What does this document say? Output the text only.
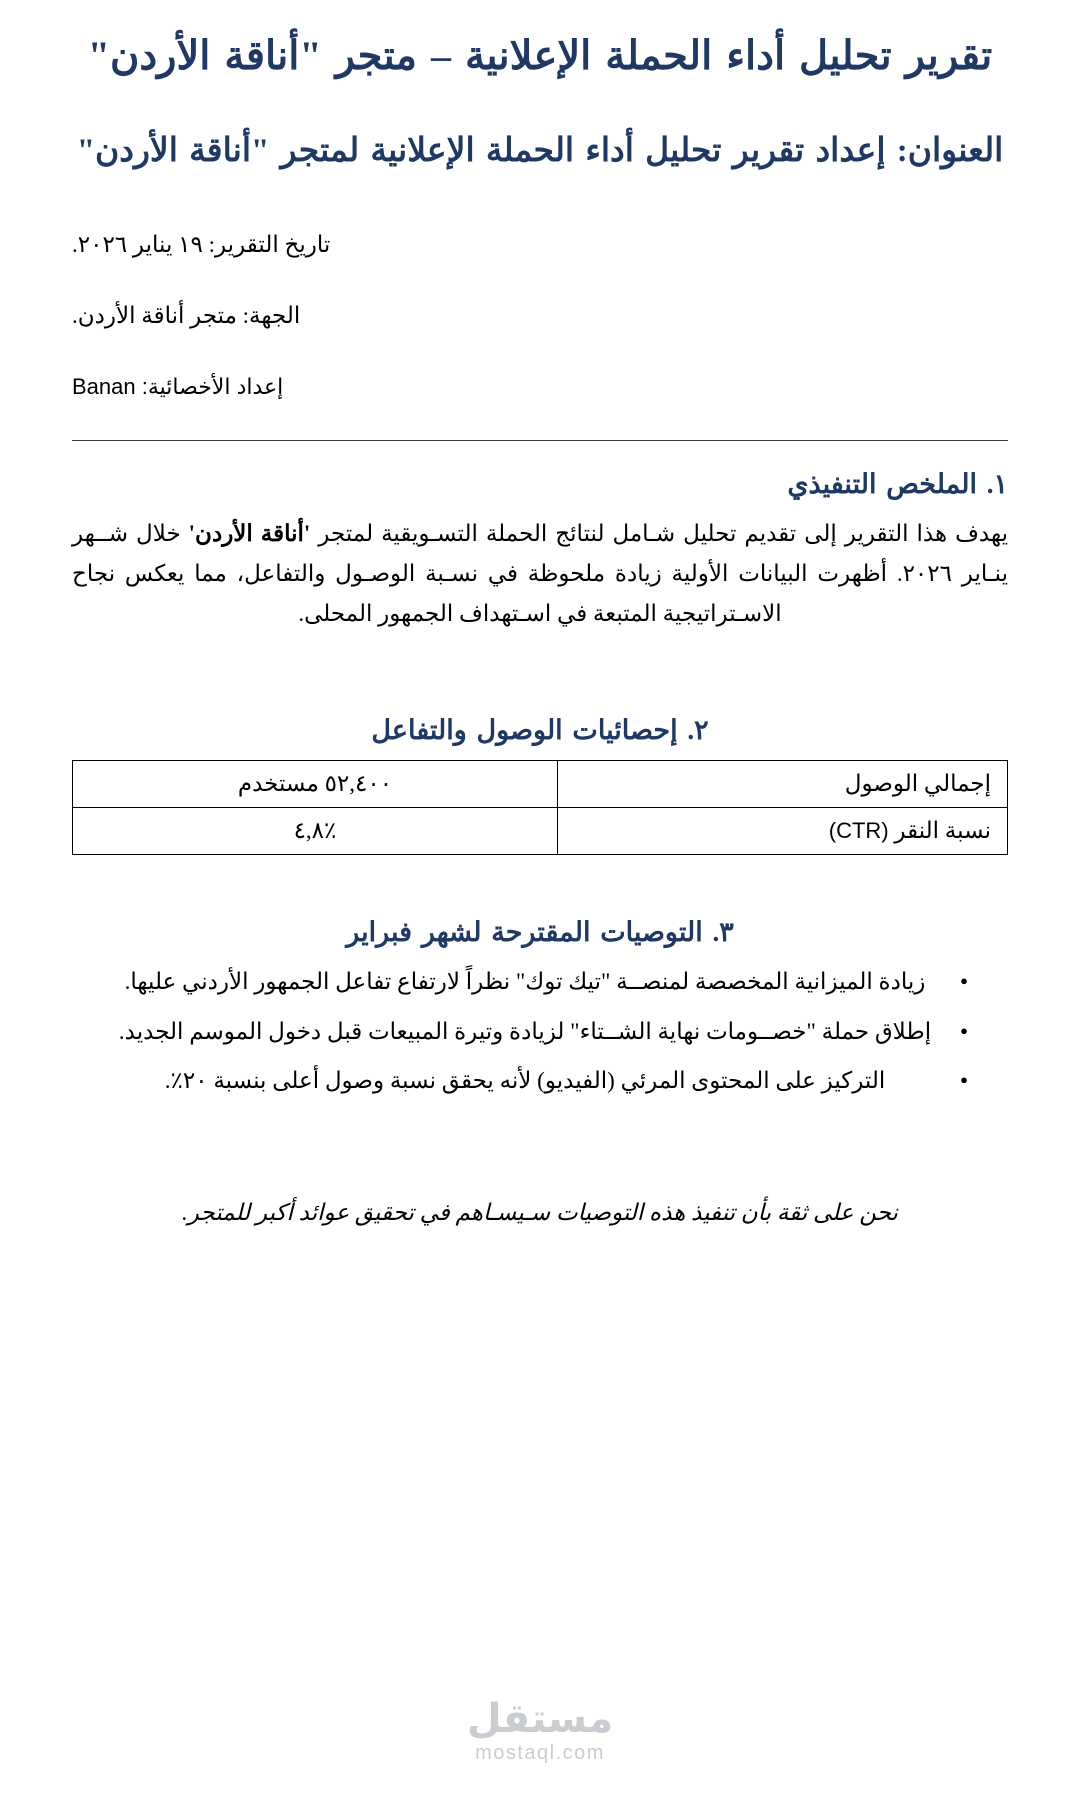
تقرير تحليل أداء الحملة الإعلانية – متجر "أناقة الأردن"
العنوان: إعداد تقرير تحليل أداء الحملة الإعلانية لمتجر "أناقة الأردن"

تاريخ التقرير: ١٩ يناير ٢٠٢٦.

الجهة: متجر أناقة الأردن.

إعداد الأخصائية: Banan

١. الملخص التنفيذي

يهدف هذا التقرير إلى تقديم تحليل شـامل لنتائج الحملة التسـويقية لمتجر 'أناقة الأردن' خلال شــهر ينـاير ٢٠٢٦. أظهرت البيانات الأولية زيادة ملحوظة في نسـبة الوصـول والتفاعل، مما يعكس نجاح الاسـتراتيجية المتبعة في اسـتهداف الجمهور المحلى.

٢. إحصائيات الوصول والتفاعل
إجمالي الوصول	٥٢,٤٠٠ مستخدم
نسبة النقر (CTR)	٪٤,٨
٣. التوصيات المقترحة لشهر فبراير
● زيادة الميزانية المخصصة لمنصــة "تيك توك" نظراً لارتفاع تفاعل الجمهور الأردني عليها.
● إطلاق حملة "خصــومات نهاية الشــتاء" لزيادة وتيرة المبيعات قبل دخول الموسم الجديد.
● التركيز على المحتوى المرئي (الفيديو) لأنه يحقق نسبة وصول أعلى بنسبة ٢٠٪.

نحن على ثقة بأن تنفيذ هذه التوصيات سـيسـاهم في تحقيق عوائد أكبر للمتجر.

مستقل
mostaql.com
